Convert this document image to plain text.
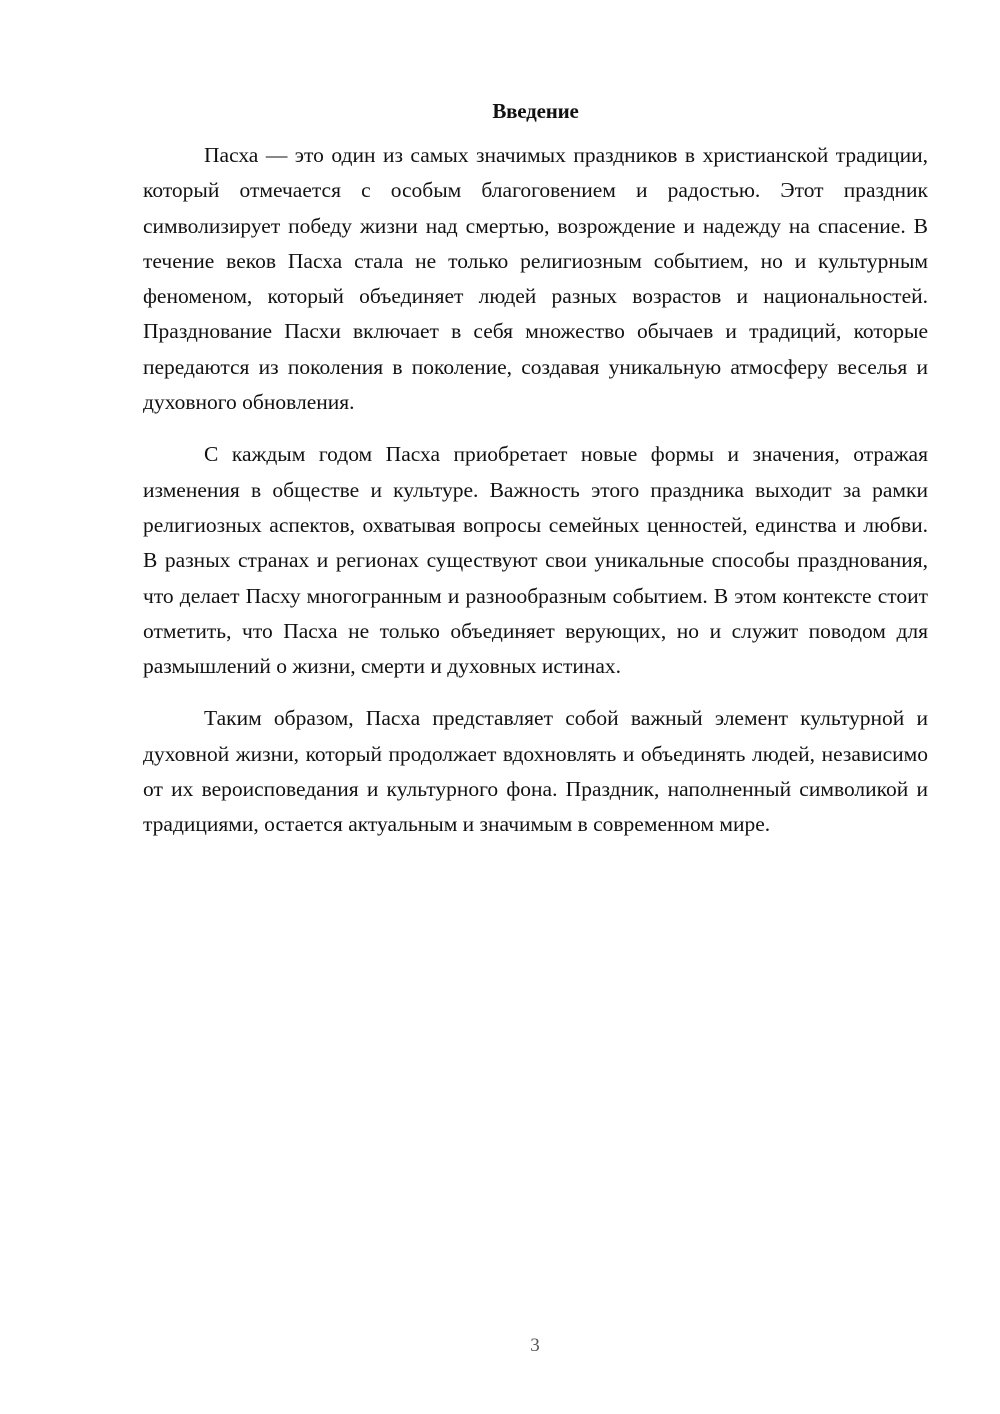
Введение

Пасха — это один из самых значимых праздников в христианской традиции, который отмечается с особым благоговением и радостью. Этот праздник символизирует победу жизни над смертью, возрождение и надежду на спасение. В течение веков Пасха стала не только религиозным событием, но и культурным феноменом, который объединяет людей разных возрастов и национальностей. Празднование Пасхи включает в себя множество обычаев и традиций, которые передаются из поколения в поколение, создавая уникальную атмосферу веселья и духовного обновления.

С каждым годом Пасха приобретает новые формы и значения, отражая изменения в обществе и культуре. Важность этого праздника выходит за рамки религиозных аспектов, охватывая вопросы семейных ценностей, единства и любви. В разных странах и регионах существуют свои уникальные способы празднования, что делает Пасху многогранным и разнообразным событием. В этом контексте стоит отметить, что Пасха не только объединяет верующих, но и служит поводом для размышлений о жизни, смерти и духовных истинах.

Таким образом, Пасха представляет собой важный элемент культурной и духовной жизни, который продолжает вдохновлять и объединять людей, независимо от их вероисповедания и культурного фона. Праздник, наполненный символикой и традициями, остается актуальным и значимым в современном мире.

3
